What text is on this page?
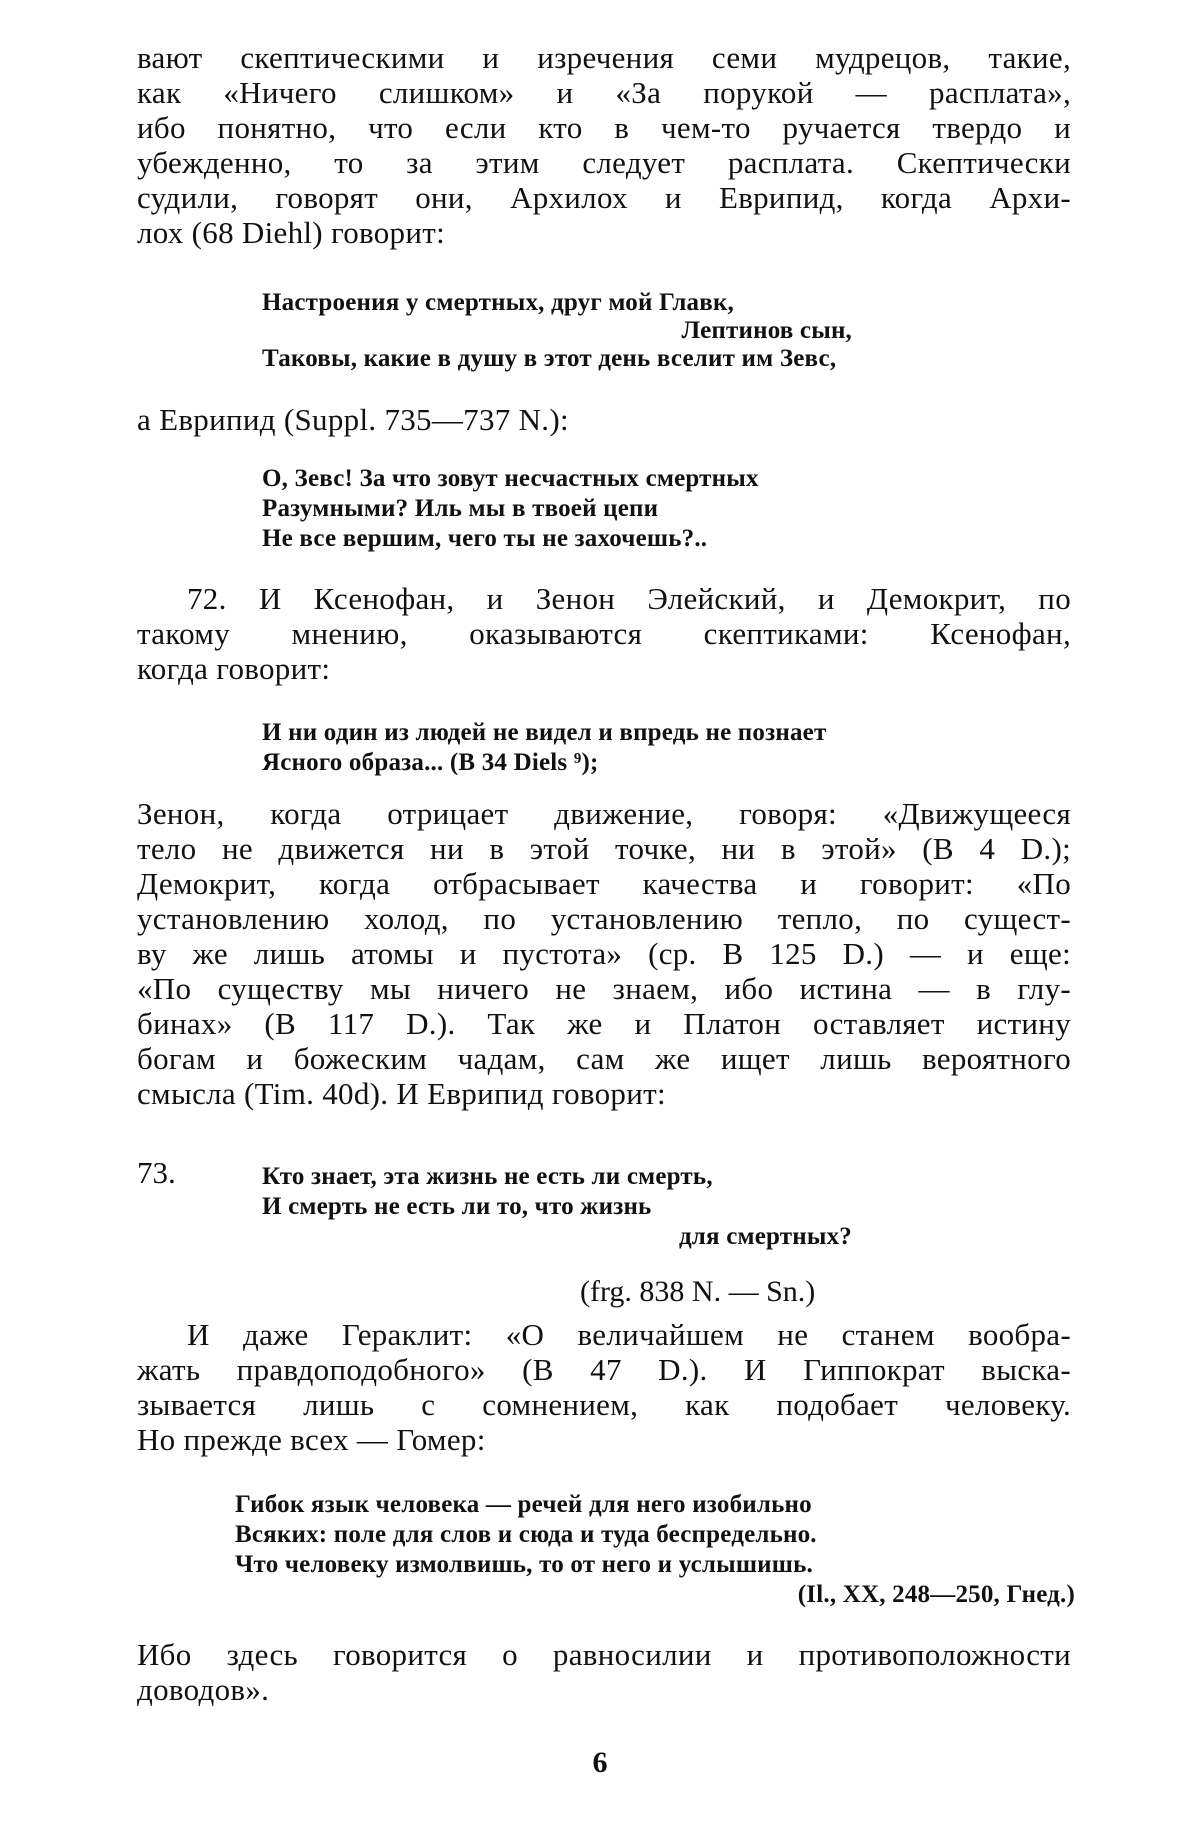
вают скептическими и изречения семи мудрецов, такие,
как «Ничего слишком» и «За порукой — расплата»,
ибо понятно, что если кто в чем-то ручается твердо и
убежденно, то за этим следует расплата. Скептически
судили, говорят они, Архилох и Еврипид, когда Архи-
лох (68 Diehl) говорит:
Настроения у смертных, друг мой Главк,
Лептинов сын,
Таковы, какие в душу в этот день вселит им Зевс,
а Еврипид (Suppl. 735—737 N.):
О, Зевс! За что зовут несчастных смертных
Разумными? Иль мы в твоей цепи
Не все вершим, чего ты не захочешь?..
72. И Ксенофан, и Зенон Элейский, и Демокрит, по
такому мнению, оказываются скептиками: Ксенофан,
когда говорит:
И ни один из людей не видел и впредь не познает
Ясного образа... (B 34 Diels ⁹);
Зенон, когда отрицает движение, говоря: «Движущееся
тело не движется ни в этой точке, ни в этой» (B 4 D.);
Демокрит, когда отбрасывает качества и говорит: «По
установлению холод, по установлению тепло, по сущест-
ву же лишь атомы и пустота» (ср. B 125 D.) — и еще:
«По существу мы ничего не знаем, ибо истина — в глу-
бинах» (B 117 D.). Так же и Платон оставляет истину
богам и божеским чадам, сам же ищет лишь вероятного
смысла (Tim. 40d). И Еврипид говорит:
73.	Кто знает, эта жизнь не есть ли смерть,
И смерть не есть ли то, что жизнь
для смертных?
(frg. 838 N. — Sn.)
И даже Гераклит: «О величайшем не станем вообра-
жать правдоподобного» (B 47 D.). И Гиппократ выска-
зывается лишь с сомнением, как подобает человеку.
Но прежде всех — Гомер:
Гибок язык человека — речей для него изобильно
Всяких: поле для слов и сюда и туда беспредельно.
Что человеку измолвишь, то от него и услышишь.
(Il., XX, 248—250, Гнед.)
Ибо здесь говорится о равносилии и противоположности
доводов».
6
